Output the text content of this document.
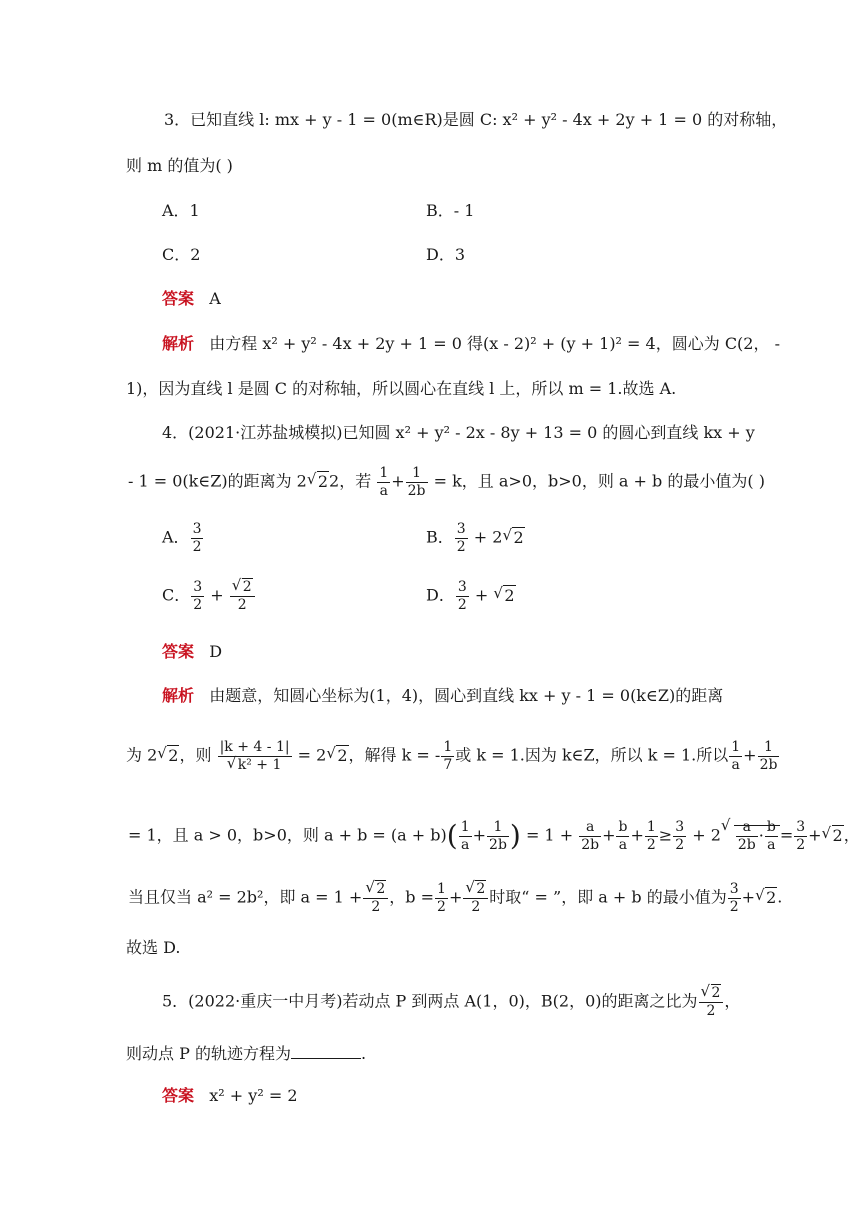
3．已知直线 l: mx + y - 1 = 0(m∈R)是圆 C: x² + y² - 4x + 2y + 1 = 0 的对称轴，
则 m 的值为( )
A．1	B．- 1
C．2	D．3
答案 A
解析 由方程 x² + y² - 4x + 2y + 1 = 0 得(x - 2)² + (y + 1)² = 4，圆心为 C(2， -
1)，因为直线 l 是圆 C 的对称轴，所以圆心在直线 l 上，所以 m = 1.故选 A.
4．(2021·江苏盐城模拟)已知圆 x² + y² - 2x - 8y + 13 = 0 的圆心到直线 kx + y
- 1 = 0(k∈Z)的距离为 2√ 22，若 $\frac{1}{a} + \frac{1}{2b} = k$，且 a>0，b>0，则 a + b 的最小值为( )
A． $\frac{3}{2}$	B． $\frac{3}{2} + 2√$ 2
C． $\frac{3}{2}$ +
√ $\frac{2}{2}$	D． $\frac{3}{2}$ + √ 2
答案 D
解析 由题意，知圆心坐标为(1，4)，圆心到直线 kx + y - 1 = 0(k∈Z)的距离
为 2√ 2，则 |k + 4 - 1|
√ k² + 1 = 2√ 2，解得 k = - $\frac{1}{7}$ 或 k = 1.因为 k∈Z，所以 k = 1.所以 $\frac{1}{a} + \frac{1}{2b}$
= 1，且 a > 0，b>0，则 $a + b = (a + b)( \frac{1}{a} + \frac{1}{2b}$ ) = $1 + \frac{a}{2b} + \frac{b}{a} + \frac{1}{2} \ge \frac{3}{2} + 2$
√ $\frac{a}{2b} \cdot \frac{b}{a} = \frac{3}{2}$ +√ 2，
当且仅当 a² = 2b²，即 a = 1 +
√ $\frac{2}{2}$ ，$b = \frac{1}{2}$ +
√ $\frac{2}{2}$ 时取“ = ”，即 a + b 的最小值为 $\frac{3}{2}$ +√ 2.
故选 D.
5．(2022·重庆一中月考)若动点 P 到两点 A(1，0)，B(2，0)的距离之比为
√ $\frac{2}{2}$ ，
则动点 P 的轨迹方程为	.
答案 x² + y² = 2
